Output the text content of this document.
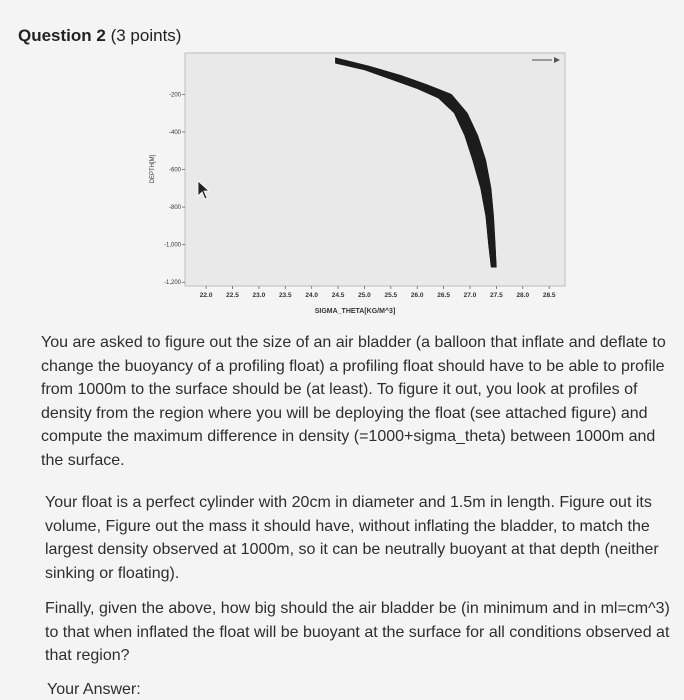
Question 2 (3 points)
-200
-400
-600
-800
-1,000
-1,200
22.0 22.5 23.0 23.5 24.0 24.5 25.0 25.5 26.0 26.5 27.0 27.5 28.0 28.5
DEPTH[M]
SIGMA_THETA[KG/M^3]

You are asked to figure out the size of an air bladder (a balloon that inflate and deflate to change the buoyancy of a profiling float) a profiling float should have to be able to profile from 1000m to the surface should be (at least). To figure it out, you look at profiles of density from the region where you will be deploying the float (see attached figure) and compute the maximum difference in density (=1000+sigma_theta) between 1000m and the surface.

Your float is a perfect cylinder with 20cm in diameter and 1.5m in length. Figure out its volume, Figure out the mass it should have, without inflating the bladder, to match the largest density observed at 1000m, so it can be neutrally buoyant at that depth (neither sinking or floating).

Finally, given the above, how big should the air bladder be (in minimum and in ml=cm^3) to that when inflated the float will be buoyant at the surface for all conditions observed at that region?

Your Answer:
